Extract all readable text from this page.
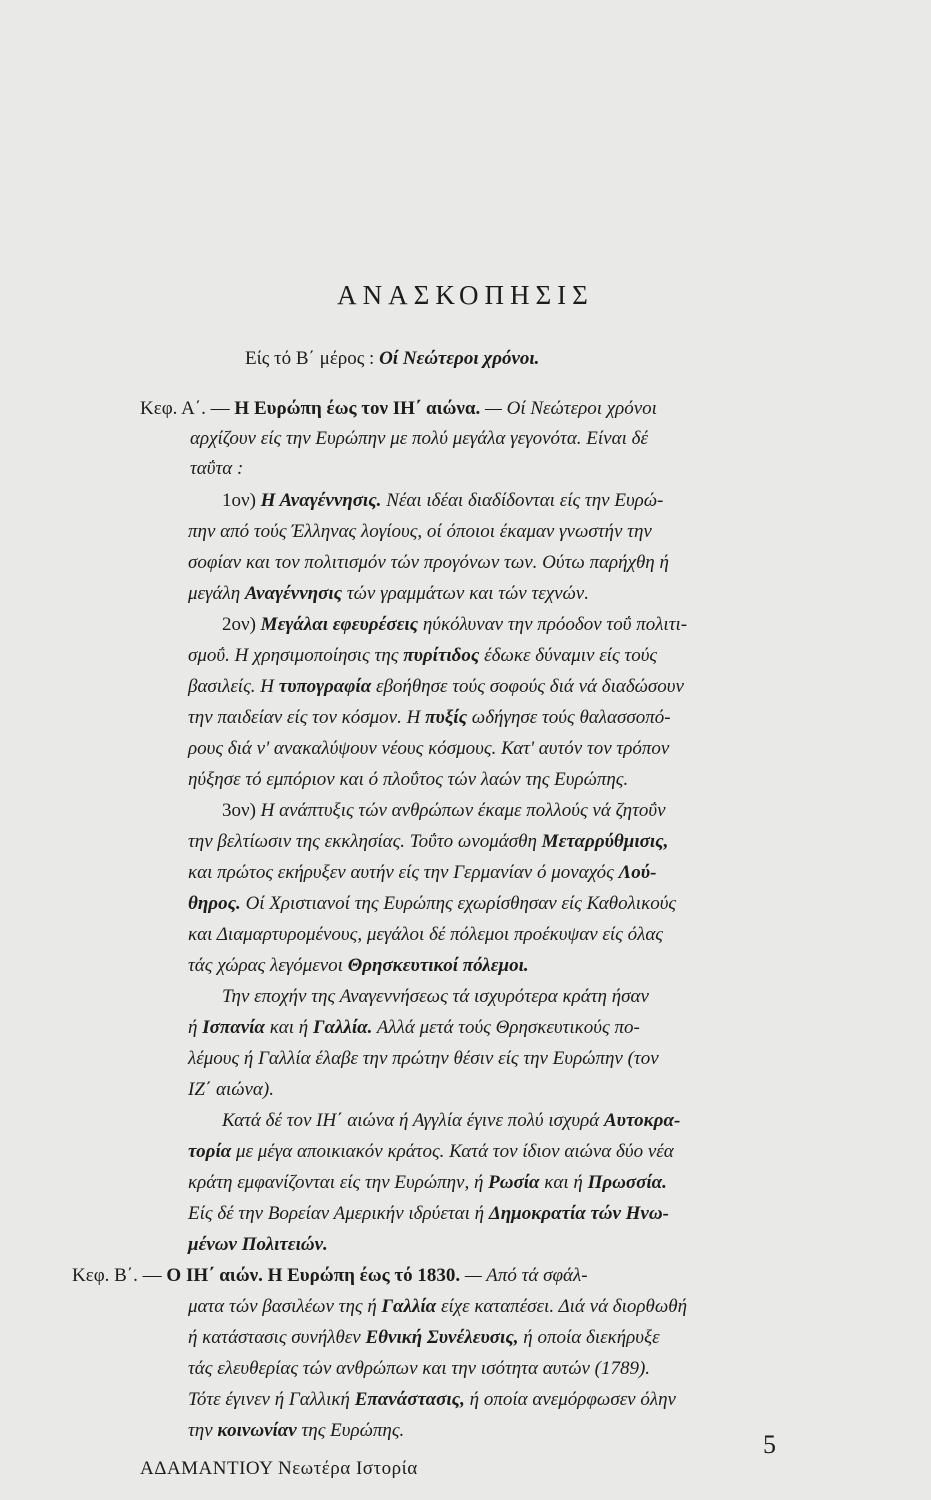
ΑΝΑΣΚΟΠΗΣΙΣ
Είς τό Β΄ μέρος : Οί Νεώτεροι χρόνοι.
Κεφ. Α΄. — Η Ευρώπη έως τον ΙΗ΄ αιώνα. — Οί Νεώτεροι χρόνοι
αρχίζουν είς την Ευρώπην με πολύ μεγάλα γεγονότα. Είναι δέ
ταΰτα :
1ον) Η Αναγέννησις. Νέαι ιδέαι διαδίδονται είς την Ευρώ-
πην από τούς Έλληνας λογίους, οί όποιοι έκαμαν γνωστήν την
σοφίαν και τον πολιτισμόν τών προγόνων των. Ούτω παρήχθη ή
μεγάλη Αναγέννησις τών γραμμάτων και τών τεχνών.
2ον) Μεγάλαι εφευρέσεις ηύκόλυναν την πρόοδον τοΰ πολιτι-
σμοΰ. Η χρησιμοποίησις της πυρίτιδος έδωκε δύναμιν είς τούς
βασιλείς. Η τυπογραφία εβοήθησε τούς σοφούς διά νά διαδώσουν
την παιδείαν είς τον κόσμον. Η πυξίς ωδήγησε τούς θαλασσοπό-
ρους διά ν' ανακαλύψουν νέους κόσμους. Κατ' αυτόν τον τρόπον
ηύξησε τό εμπόριον και ό πλοΰτος τών λαών της Ευρώπης.
3ον) Η ανάπτυξις τών ανθρώπων έκαμε πολλούς νά ζητοΰν
την βελτίωσιν της εκκλησίας. Τοΰτο ωνομάσθη Μεταρρύθμισις,
και πρώτος εκήρυξεν αυτήν είς την Γερμανίαν ό μοναχός Λού-
θηρος. Οί Χριστιανοί της Ευρώπης εχωρίσθησαν είς Καθολικούς
και Διαμαρτυρομένους, μεγάλοι δέ πόλεμοι προέκυψαν είς όλας
τάς χώρας λεγόμενοι Θρησκευτικοί πόλεμοι.
Την εποχήν της Αναγεννήσεως τά ισχυρότερα κράτη ήσαν
ή Ισπανία και ή Γαλλία. Αλλά μετά τούς Θρησκευτικούς πο-
λέμους ή Γαλλία έλαβε την πρώτην θέσιν είς την Ευρώπην (τον
ΙΖ΄ αιώνα).
Κατά δέ τον ΙΗ΄ αιώνα ή Αγγλία έγινε πολύ ισχυρά Αυτοκρα-
τορία με μέγα αποικιακόν κράτος. Κατά τον ίδιον αιώνα δύο νέα
κράτη εμφανίζονται είς την Ευρώπην, ή Ρωσία και ή Πρωσσία.
Είς δέ την Βορείαν Αμερικήν ιδρύεται ή Δημοκρατία τών Ηνω-
μένων Πολιτειών.
Κεφ. Β΄. — Ο ΙΗ΄ αιών. Η Ευρώπη έως τό 1830. — Από τά σφάλ-
ματα τών βασιλέων της ή Γαλλία είχε καταπέσει. Διά νά διορθωθή
ή κατάστασις συνήλθεν Εθνική Συνέλευσις, ή οποία διεκήρυξε
τάς ελευθερίας τών ανθρώπων και την ισότητα αυτών (1789).
Τότε έγινεν ή Γαλλική Επανάστασις, ή οποία ανεμόρφωσεν όλην
την κοινωνίαν της Ευρώπης.	5
ΑΔΑΜΑΝΤΙΟΥ Νεωτέρα Ιστορία
